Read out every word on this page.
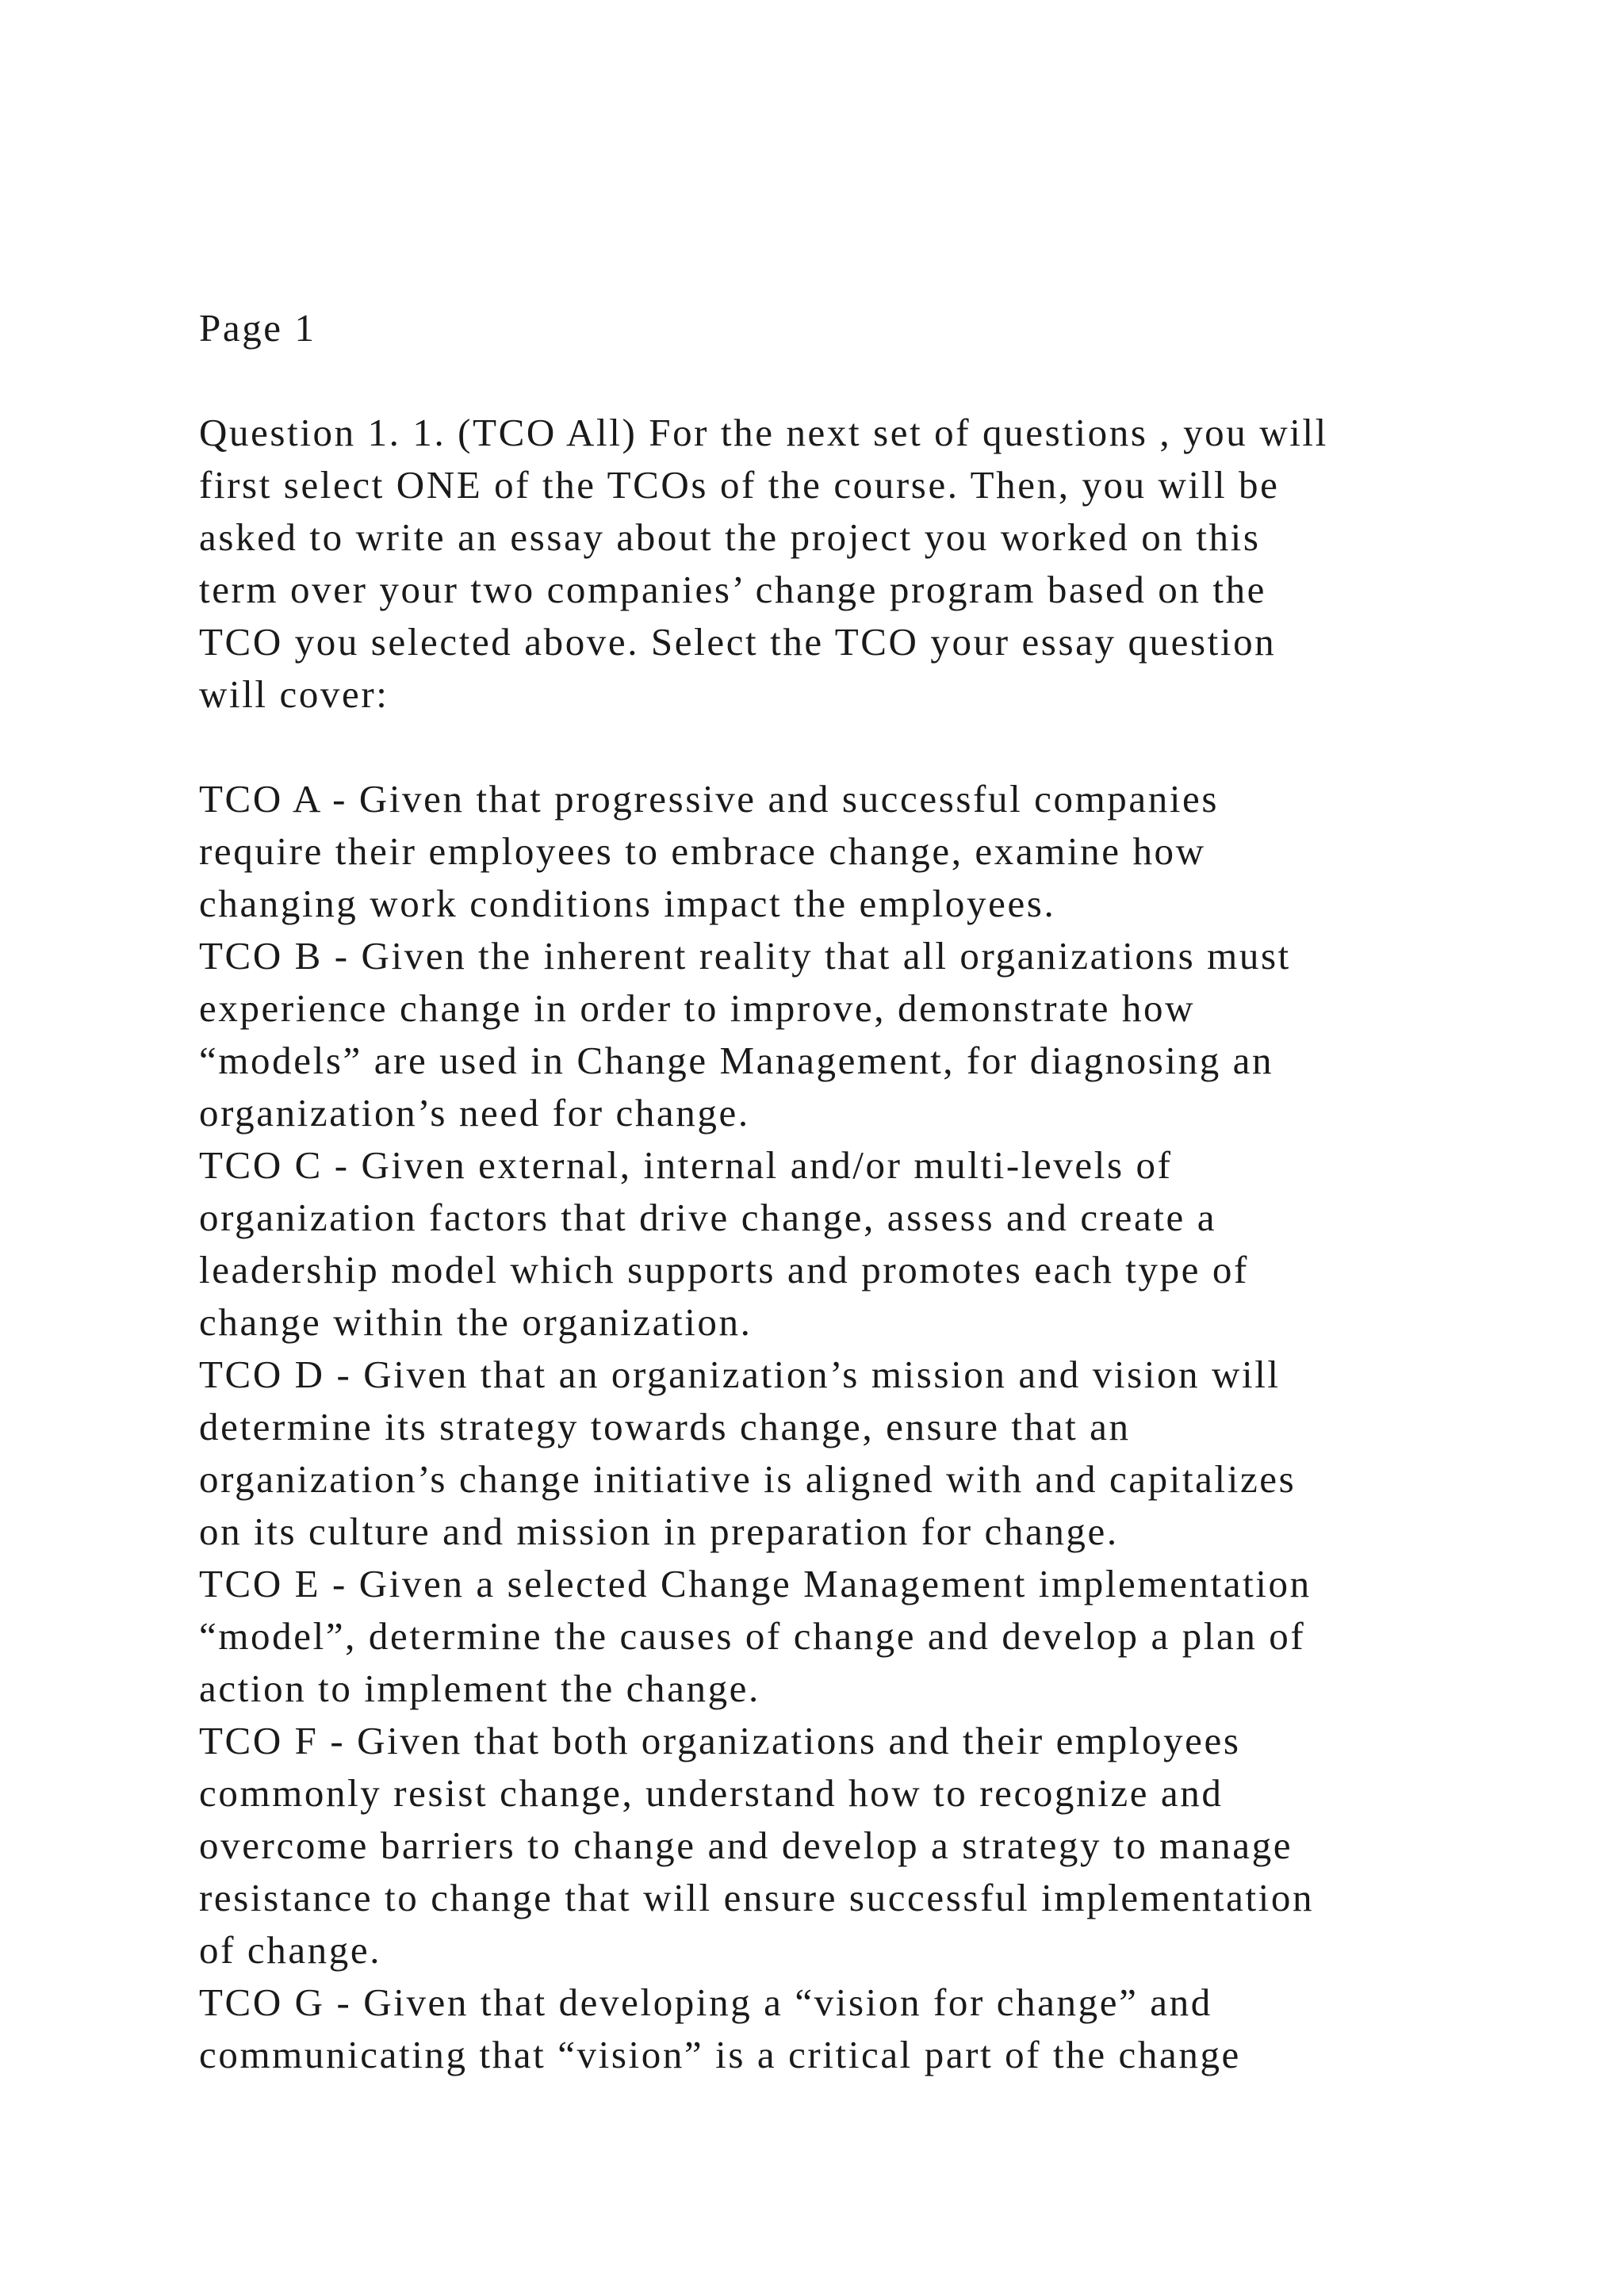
Page 1
Question 1. 1. (TCO All) For the next set of questions , you will
first select ONE of the TCOs of the course. Then, you will be
asked to write an essay about the project you worked on this
term over your two companies’ change program based on the
TCO you selected above. Select the TCO your essay question
will cover:
TCO A - Given that progressive and successful companies
require their employees to embrace change, examine how
changing work conditions impact the employees.
TCO B - Given the inherent reality that all organizations must
experience change in order to improve, demonstrate how
“models” are used in Change Management, for diagnosing an
organization’s need for change.
TCO C - Given external, internal and/or multi-levels of
organization factors that drive change, assess and create a
leadership model which supports and promotes each type of
change within the organization.
TCO D - Given that an organization’s mission and vision will
determine its strategy towards change, ensure that an
organization’s change initiative is aligned with and capitalizes
on its culture and mission in preparation for change.
TCO E - Given a selected Change Management implementation
“model”, determine the causes of change and develop a plan of
action to implement the change.
TCO F - Given that both organizations and their employees
commonly resist change, understand how to recognize and
overcome barriers to change and develop a strategy to manage
resistance to change that will ensure successful implementation
of change.
TCO G - Given that developing a “vision for change” and
communicating that “vision” is a critical part of the change
